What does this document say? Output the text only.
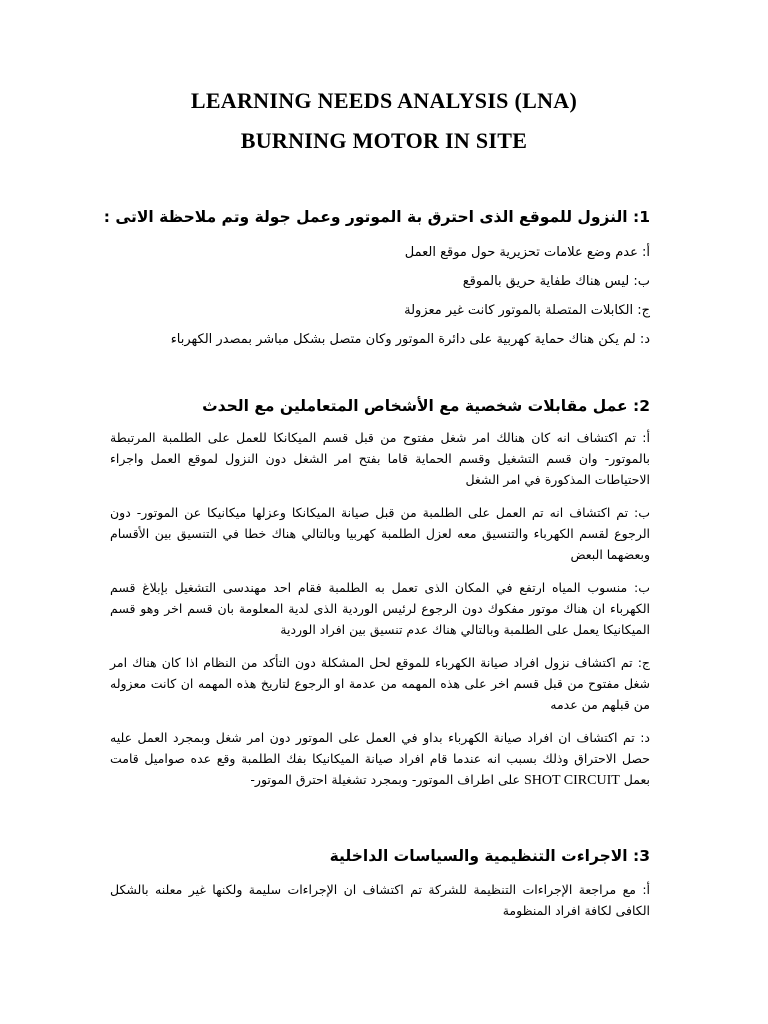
LEARNING NEEDS ANALYSIS (LNA)
BURNING MOTOR IN SITE
1: النزول للموقع الذى احترق بة الموتور وعمل جولة وتم ملاحظة الاتى :
أ: عدم وضع علامات تحزيرية حول موقع العمل
ب: ليس هناك طفاية حريق بالموقع
ج: الكابلات المتصلة بالموتور كانت غير معزولة
د: لم يكن هناك حماية كهربية على دائرة الموتور وكان متصل بشكل مباشر بمصدر الكهرباء
2: عمل مقابلات شخصية مع الأشخاص المتعاملين مع الحدث
أ: تم اكتشاف انه كان هنالك امر شغل مفتوح من قبل قسم الميكانكا للعمل على الطلمبة المرتبطة بالموتور- وان قسم التشغيل وقسم الحماية قاما بفتح امر الشغل دون النزول لموقع العمل واجراء الاحتياطات المذكورة في امر الشغل
ب: تم اكتشاف انه تم العمل على الطلمبة من قبل صيانة الميكانكا وعزلها ميكانيكا عن الموتور- دون الرجوع لقسم الكهرباء والتنسيق معه لعزل الطلمبة كهربيا وبالتالي هناك خطا في التنسيق بين الأقسام وبعضهما البعض
ب: منسوب المياه ارتفع في المكان الذى تعمل به الطلمبة فقام احد مهندسى التشغيل بإبلاغ قسم الكهرباء ان هناك موتور مفكوك دون الرجوع لرئيس الوردية الذى لدية المعلومة بان قسم اخر وهو قسم الميكانيكا يعمل على الطلمبة وبالتالي هناك عدم تنسيق بين افراد الوردية
ج: تم اكتشاف نزول افراد صيانة الكهرباء للموقع لحل المشكلة دون التأكد من النظام اذا كان هناك امر شغل مفتوح من قبل قسم اخر على هذه المهمه من عدمة او الرجوع لتاريخ هذه المهمه ان كانت معزوله من قبلهم من عدمه
د: تم اكتشاف ان افراد صيانة الكهرباء بداو في العمل على الموتور دون امر شغل وبمجرد العمل عليه حصل الاحتراق وذلك بسبب انه عندما قام افراد صيانة الميكانيكا بفك الطلمبة وقع عده صواميل قامت بعمل SHOT CIRCUIT على اطراف الموتور- وبمجرد تشغيلة احترق الموتور-
3: الاجراءت التنظيمية والسياسات الداخلية
أ: مع مراجعة الإجراءات التنظيمة للشركة تم اكتشاف ان الإجراءات سليمة ولكنها غير معلنه بالشكل الكافى لكافة افراد المنظومة
